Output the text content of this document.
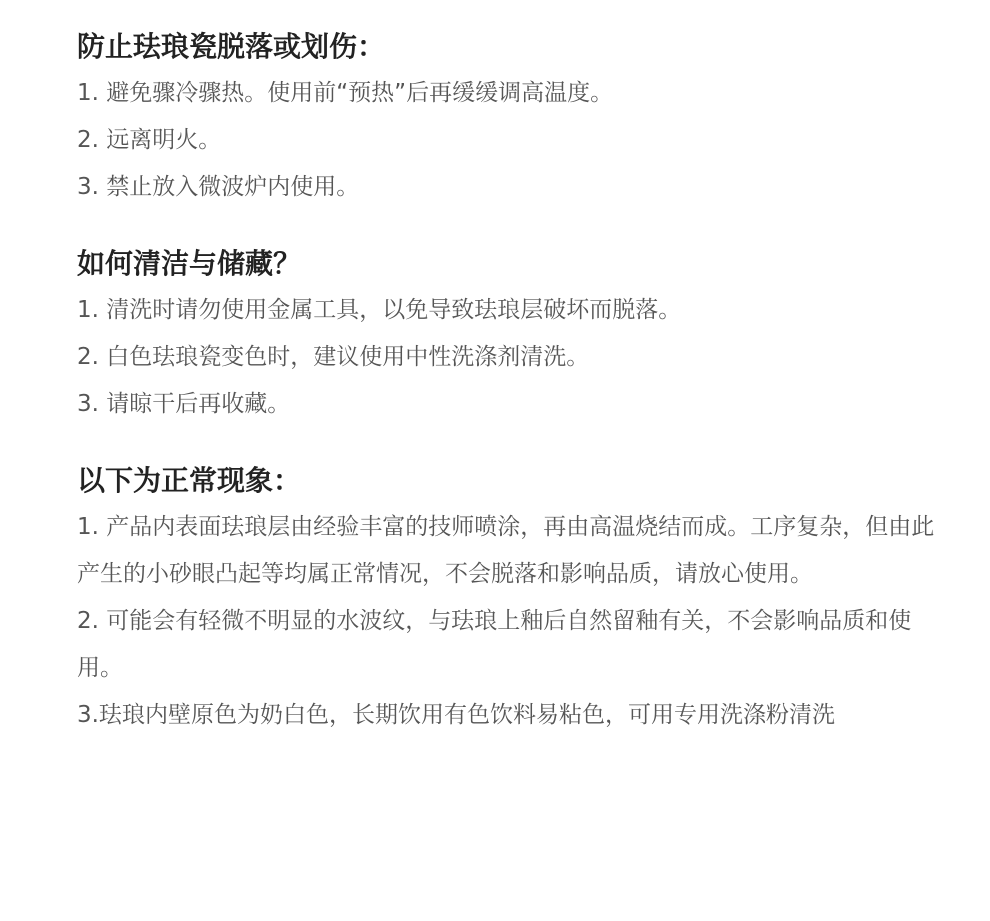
防止珐琅瓷脱落或划伤：

1. 避免骤冷骤热。使用前“预热”后再缓缓调高温度。

2. 远离明火。

3. 禁止放入微波炉内使用。

如何清洁与储藏？

1. 清洗时请勿使用金属工具，以免导致珐琅层破坏而脱落。

2. 白色珐琅瓷变色时，建议使用中性洗涤剂清洗。

3. 请晾干后再收藏。

以下为正常现象：

1. 产品内表面珐琅层由经验丰富的技师喷涂，再由高温烧结而成。工序复杂，但由此产生的小砂眼凸起等均属正常情况，不会脱落和影响品质，请放心使用。

2. 可能会有轻微不明显的水波纹，与珐琅上釉后自然留釉有关，不会影响品质和使用。

3.珐琅内壁原色为奶白色，长期饮用有色饮料易粘色，可用专用洗涤粉清洗
